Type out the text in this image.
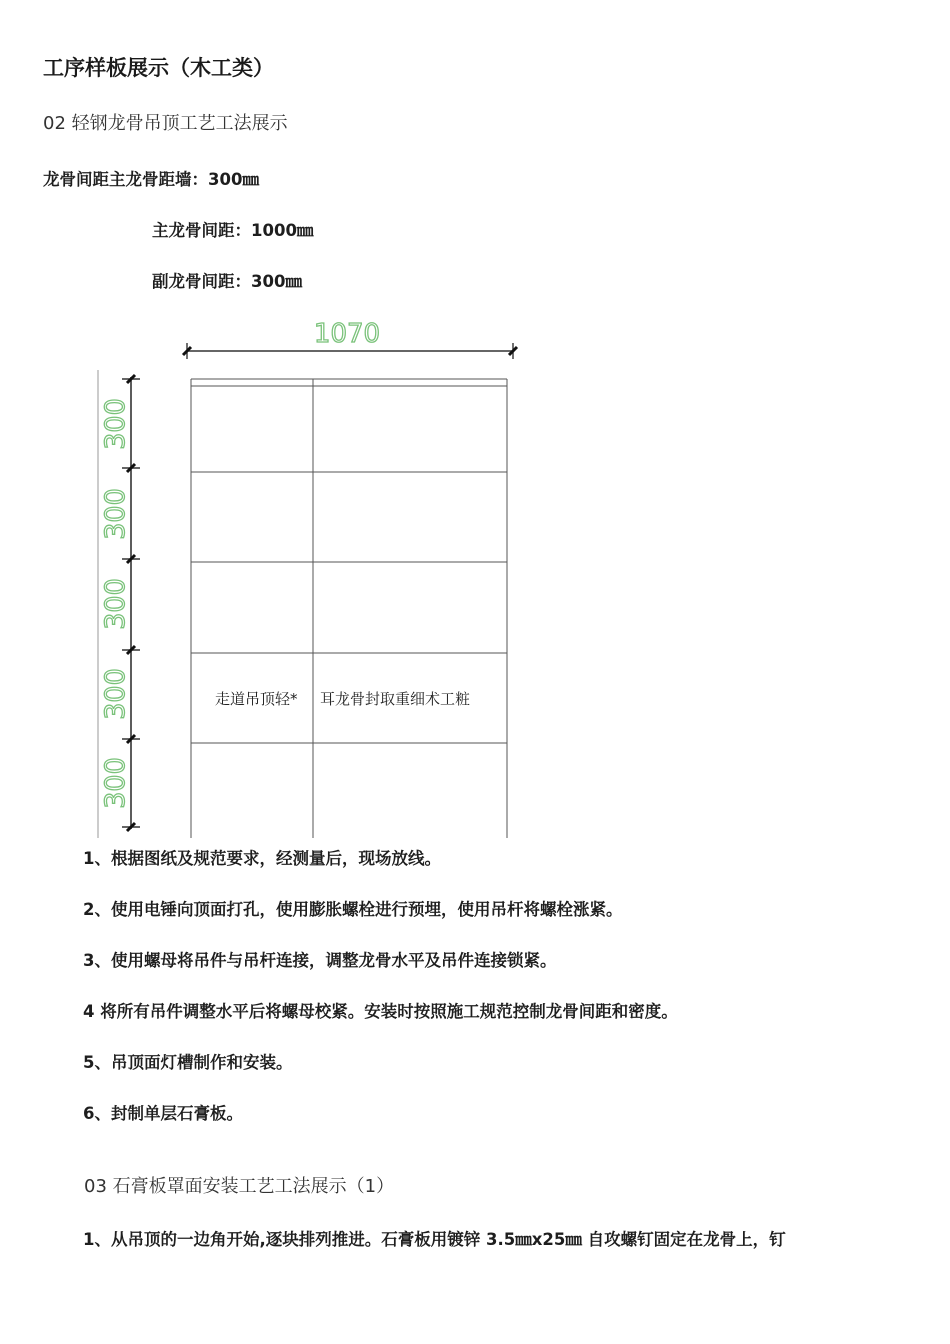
工序样板展示（木工类）
02 轻钢龙骨吊顶工艺工法展示
龙骨间距主龙骨距墙：300㎜
主龙骨间距：1000㎜
副龙骨间距：300㎜
1070
300
300
300
300
300
走道吊顶轻* 耳龙骨封取重细术工粧
1、根据图纸及规范要求，经测量后，现场放线。
2、使用电锤向顶面打孔，使用膨胀螺栓进行预埋，使用吊杆将螺栓涨紧。
3、使用螺母将吊件与吊杆连接，调整龙骨水平及吊件连接锁紧。
4 将所有吊件调整水平后将螺母校紧。安装时按照施工规范控制龙骨间距和密度。
5、吊顶面灯槽制作和安装。
6、封制单层石膏板。
03 石膏板罩面安装工艺工法展示（1）
1、从吊顶的一边角开始,逐块排列推进。石膏板用镀锌 3.5㎜x25㎜ 自攻螺钉固定在龙骨上，钉
